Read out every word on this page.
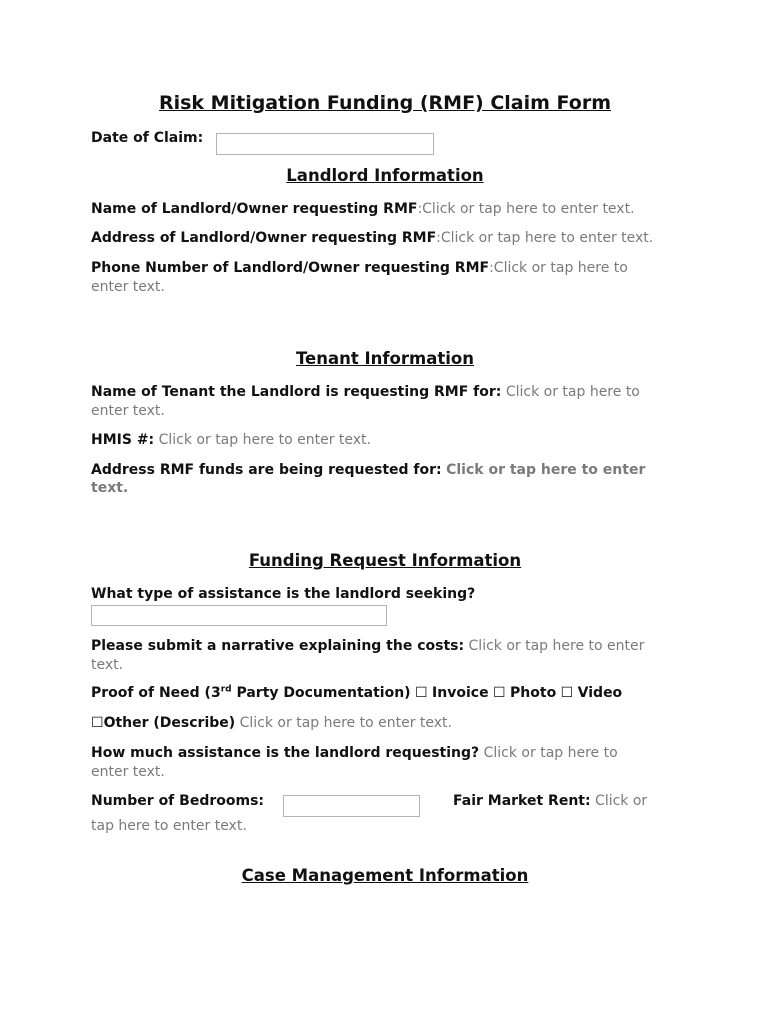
Risk Mitigation Funding (RMF) Claim Form
Date of Claim:
Landlord Information
Name of Landlord/Owner requesting RMF:Click or tap here to enter text.
Address of Landlord/Owner requesting RMF:Click or tap here to enter text.
Phone Number of Landlord/Owner requesting RMF:Click or tap here to
enter text.
Tenant Information
Name of Tenant the Landlord is requesting RMF for: Click or tap here to
enter text.
HMIS #: Click or tap here to enter text.
Address RMF funds are being requested for: Click or tap here to enter
text.
Funding Request Information
What type of assistance is the landlord seeking?
Please submit a narrative explaining the costs: Click or tap here to enter
text.
Proof of Need (3rd Party Documentation) ☐ Invoice ☐ Photo ☐ Video
☐Other (Describe) Click or tap here to enter text.
How much assistance is the landlord requesting? Click or tap here to
enter text.
Number of Bedrooms:	Fair Market Rent: Click or
tap here to enter text.
Case Management Information
